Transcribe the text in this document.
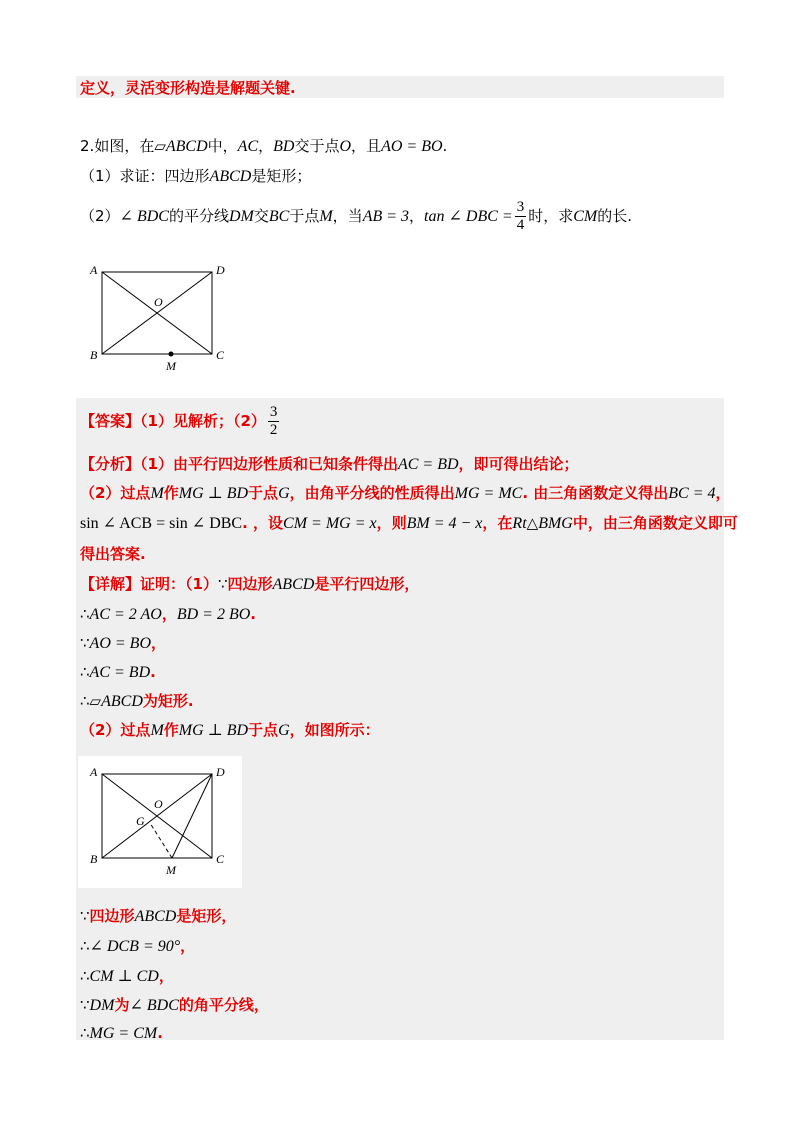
定义，灵活变形构造是解题关键.
2.如图，在▱ABCD中，AC，BD交于点O，且AO = BO.
（1）求证：四边形ABCD是矩形；
（2）∠ BDC的平分线DM交BC于点M，当AB = 3，tan ∠ DBC = $\frac{3}{4}$ 时，求CM的长.
A	D
B	C
O
M
【答案】（1）见解析；$(2) \frac{3}{2}$
【分析】（1）由平行四边形性质和已知条件得出AC = BD，即可得出结论；
（2）过点M作MG ⊥ BD于点G，由角平分线的性质得出MG = MC. 由三角函数定义得出BC = 4，
sin ∠ ACB = sin ∠ DBC. ，设CM = MG = x，则BM = 4 − x，在Rt△BMG中，由三角函数定义即可
得出答案.
【详解】证明：（1）∵四边形ABCD是平行四边形，
∴AC = 2 AO，BD = 2 BO.
∵AO = BO，
∴AC = BD.
∴▱ABCD为矩形.
（2）过点M作MG ⊥ BD于点G，如图所示：
A	D
B	C
O
G
M
∵四边形ABCD是矩形，
∴∠ DCB = 90°，
∴CM ⊥ CD，
∵DM为∠ BDC的角平分线，
∴MG = CM.
